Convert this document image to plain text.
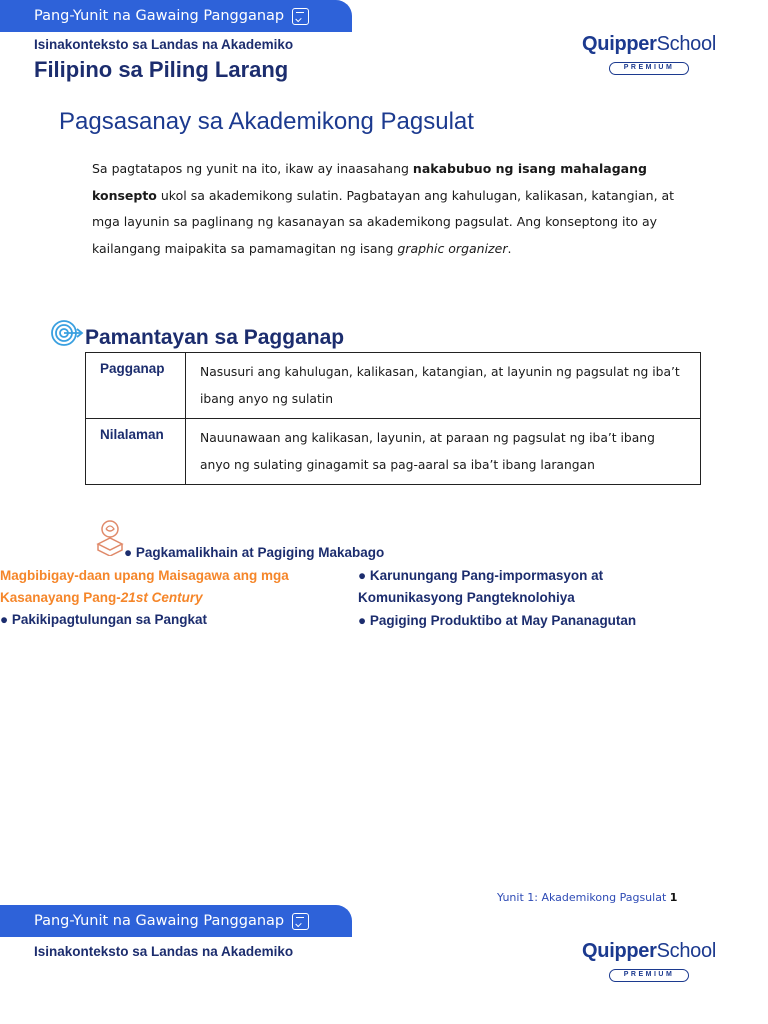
Pang-Yunit na Gawaing Pangganap
Isinakonteksto sa Landas na Akademiko
Filipino sa Piling Larang
QuipperSchool
PREMIUM
Pagsasanay sa Akademikong Pagsulat
Sa pagtatapos ng yunit na ito, ikaw ay inaasahang nakabubuo ng isang mahalagang konsepto ukol sa akademikong sulatin. Pagbatayan ang kahulugan, kalikasan, katangian, at mga layunin sa paglinang ng kasanayan sa akademikong pagsulat. Ang konseptong ito ay kailangang maipakita sa pamamagitan ng isang graphic organizer.
Pamantayan sa Pagganap
Pagganap	Nasusuri ang kahulugan, kalikasan, katangian, at layunin ng pagsulat ng iba’t ibang anyo ng sulatin
Nilalaman	Nauunawaan ang kalikasan, layunin, at paraan ng pagsulat ng iba’t ibang anyo ng sulating ginagamit sa pag-aaral sa iba’t ibang larangan
● Pagkamalikhain at Pagiging Makabago
Magbibigay-daan upang Maisagawa ang mga
Kasanayang Pang-21st Century
● Pakikipagtulungan sa Pangkat
● Karunungang Pang-impormasyon at
Komunikasyong Pangteknolohiya
● Pagiging Produktibo at May Pananagutan
Yunit 1: Akademikong Pagsulat 1
Pang-Yunit na Gawaing Pangganap
Isinakonteksto sa Landas na Akademiko	QuipperSchool
PREMIUM
